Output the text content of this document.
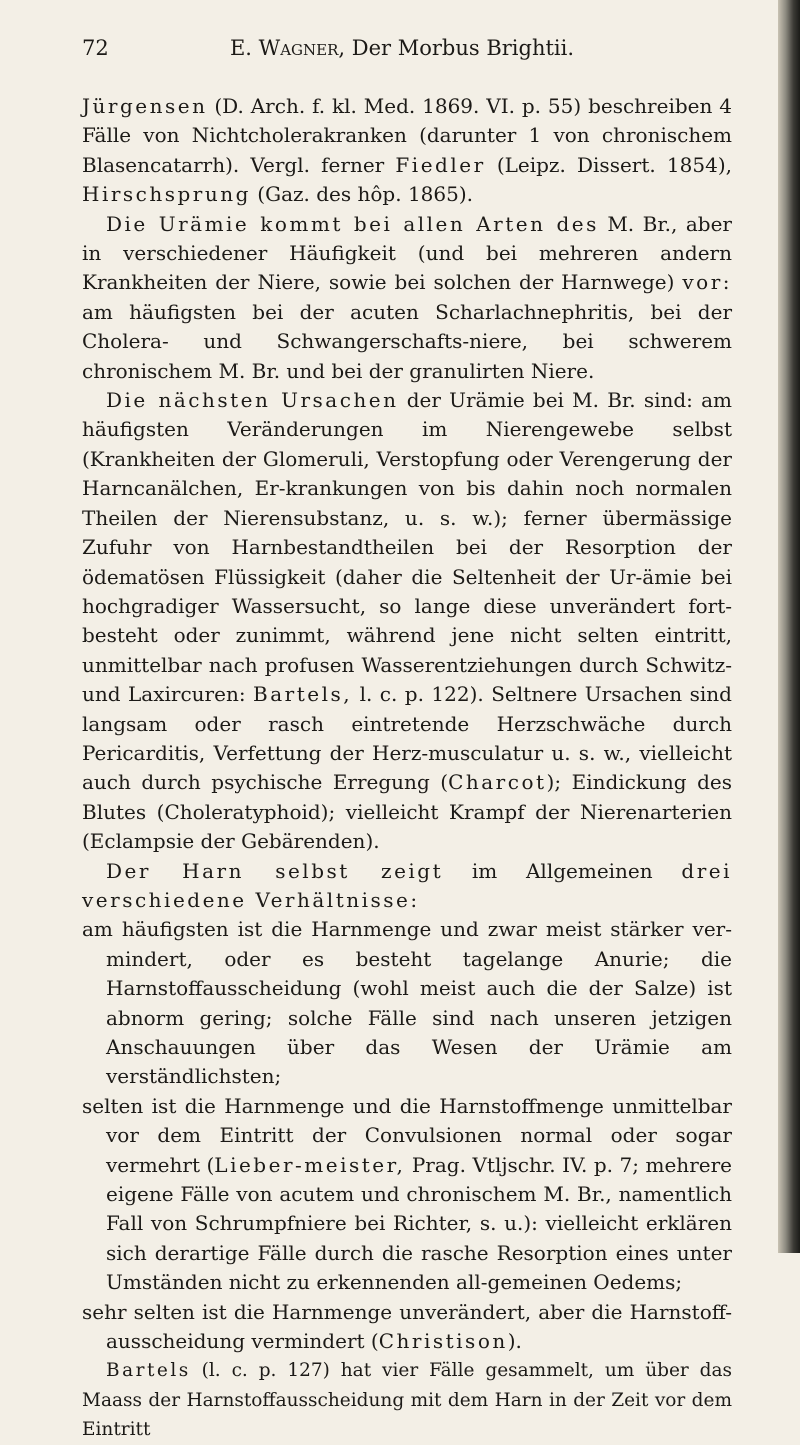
72	E. Wagner, Der Morbus Brightii.

Jürgensen (D. Arch. f. kl. Med. 1869. VI. p. 55) beschreiben 4 Fälle von Nichtcholerakranken (darunter 1 von chronischem Blasencatarrh). Vergl. ferner Fiedler (Leipz. Dissert. 1854), Hirschsprung (Gaz. des hôp. 1865).

Die Urämie kommt bei allen Arten des M. Br., aber in verschiedener Häufigkeit (und bei mehreren andern Krankheiten der Niere, sowie bei solchen der Harnwege) vor: am häufigsten bei der acuten Scharlachnephritis, bei der Cholera- und Schwangerschafts-niere, bei schwerem chronischem M. Br. und bei der granulirten Niere.

Die nächsten Ursachen der Urämie bei M. Br. sind: am häufigsten Veränderungen im Nierengewebe selbst (Krankheiten der Glomeruli, Verstopfung oder Verengerung der Harncanälchen, Er-krankungen von bis dahin noch normalen Theilen der Nierensubstanz, u. s. w.); ferner übermässige Zufuhr von Harnbestandtheilen bei der Resorption der ödematösen Flüssigkeit (daher die Seltenheit der Ur-ämie bei hochgradiger Wassersucht, so lange diese unverändert fort-besteht oder zunimmt, während jene nicht selten eintritt, unmittelbar nach profusen Wasserentziehungen durch Schwitz- und Laxircuren: Bartels, l. c. p. 122). Seltnere Ursachen sind langsam oder rasch eintretende Herzschwäche durch Pericarditis, Verfettung der Herz-musculatur u. s. w., vielleicht auch durch psychische Erregung (Charcot); Eindickung des Blutes (Choleratyphoid); vielleicht Krampf der Nierenarterien (Eclampsie der Gebärenden).

Der Harn selbst zeigt im Allgemeinen drei verschiedene Verhältnisse:

am häufigsten ist die Harnmenge und zwar meist stärker ver-mindert, oder es besteht tagelange Anurie; die Harnstoffausscheidung (wohl meist auch die der Salze) ist abnorm gering; solche Fälle sind nach unseren jetzigen Anschauungen über das Wesen der Urämie am verständlichsten;

selten ist die Harnmenge und die Harnstoffmenge unmittelbar vor dem Eintritt der Convulsionen normal oder sogar vermehrt (Lieber-meister, Prag. Vtljschr. IV. p. 7; mehrere eigene Fälle von acutem und chronischem M. Br., namentlich Fall von Schrumpfniere bei Richter, s. u.): vielleicht erklären sich derartige Fälle durch die rasche Resorption eines unter Umständen nicht zu erkennenden all-gemeinen Oedems;

sehr selten ist die Harnmenge unverändert, aber die Harnstoff-ausscheidung vermindert (Christison).

Bartels (l. c. p. 127) hat vier Fälle gesammelt, um über das Maass der Harnstoffausscheidung mit dem Harn in der Zeit vor dem Eintritt
